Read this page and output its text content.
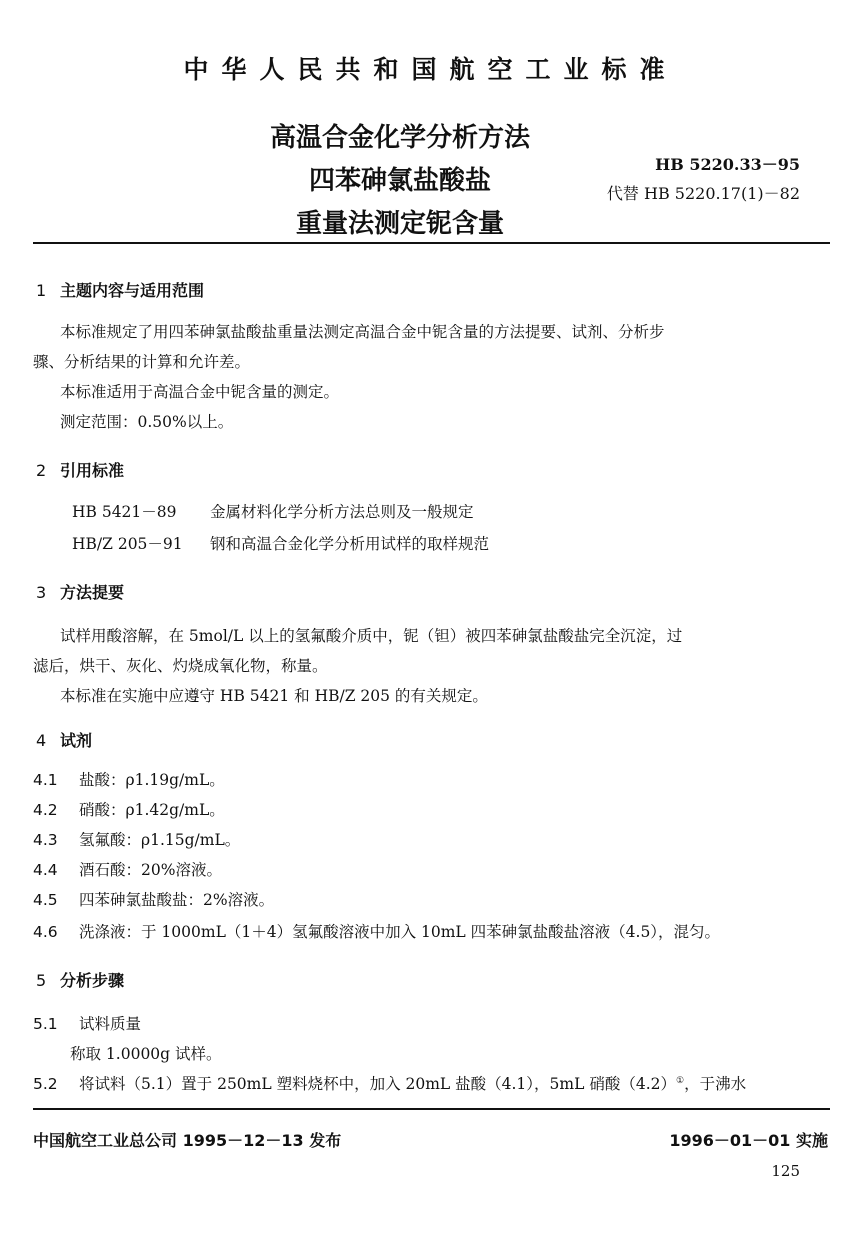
中华人民共和国航空工业标准
高温合金化学分析方法
四苯砷氯盐酸盐
重量法测定铌含量
HB 5220.33－95
代替 HB 5220.17(1)－82
1 主题内容与适用范围
本标准规定了用四苯砷氯盐酸盐重量法测定高温合金中铌含量的方法提要、试剂、分析步
骤、分析结果的计算和允许差。
本标准适用于高温合金中铌含量的测定。
测定范围：0.50%以上。
2 引用标准
HB 5421－89 金属材料化学分析方法总则及一般规定
HB/Z 205－91 钢和高温合金化学分析用试样的取样规范
3 方法提要
试样用酸溶解，在 5mol/L 以上的氢氟酸介质中，铌（钽）被四苯砷氯盐酸盐完全沉淀，过
滤后，烘干、灰化、灼烧成氧化物，称量。
本标准在实施中应遵守 HB 5421 和 HB/Z 205 的有关规定。
4 试剂
4.1 盐酸：ρ1.19g/mL。
4.2 硝酸：ρ1.42g/mL。
4.3 氢氟酸：ρ1.15g/mL。
4.4 酒石酸：20%溶液。
4.5 四苯砷氯盐酸盐：2%溶液。
4.6 洗涤液：于 1000mL（1＋4）氢氟酸溶液中加入 10mL 四苯砷氯盐酸盐溶液（4.5），混匀。
5 分析步骤
5.1 试料质量
称取 1.0000g 试样。
5.2 将试料（5.1）置于 250mL 塑料烧杯中，加入 20mL 盐酸（4.1），5mL 硝酸（4.2）①，于沸水
中国航空工业总公司 1995－12－13 发布	1996－01－01 实施
125
